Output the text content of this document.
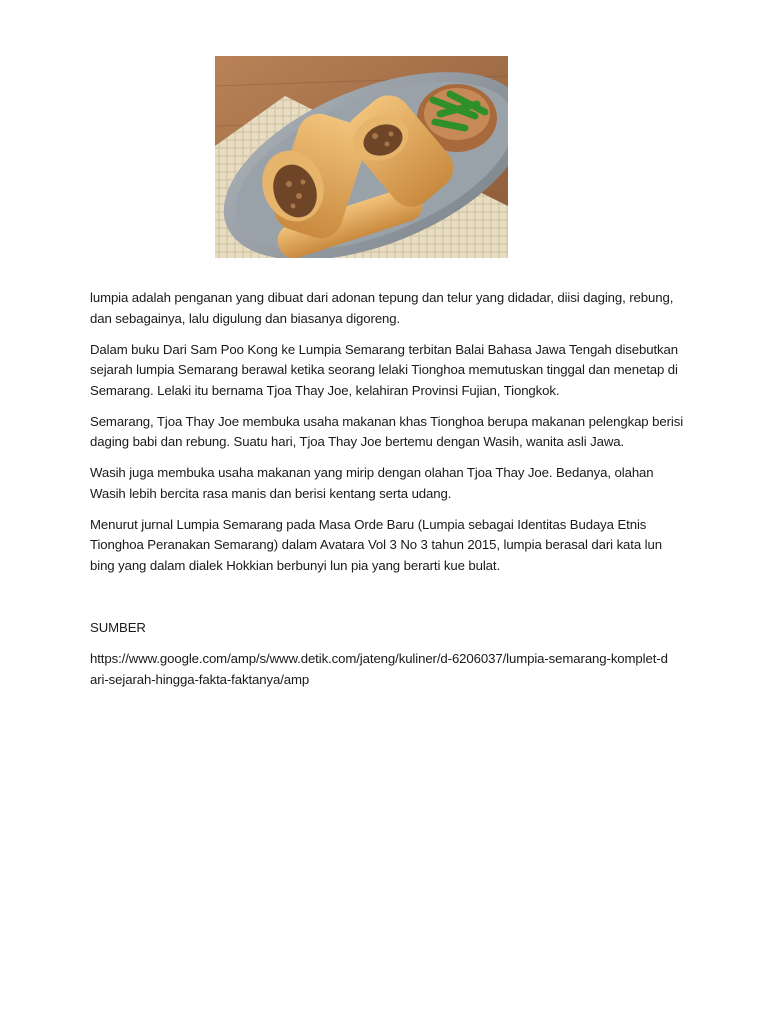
lumpia adalah penganan yang dibuat dari adonan tepung dan telur yang didadar, diisi daging, rebung, dan sebagainya, lalu digulung dan biasanya digoreng.

Dalam buku Dari Sam Poo Kong ke Lumpia Semarang terbitan Balai Bahasa Jawa Tengah disebutkan sejarah lumpia Semarang berawal ketika seorang lelaki Tionghoa memutuskan tinggal dan menetap di Semarang. Lelaki itu bernama Tjoa Thay Joe, kelahiran Provinsi Fujian, Tiongkok.

Semarang, Tjoa Thay Joe membuka usaha makanan khas Tionghoa berupa makanan pelengkap berisi daging babi dan rebung. Suatu hari, Tjoa Thay Joe bertemu dengan Wasih, wanita asli Jawa.

Wasih juga membuka usaha makanan yang mirip dengan olahan Tjoa Thay Joe. Bedanya, olahan Wasih lebih bercita rasa manis dan berisi kentang serta udang.

Menurut jurnal Lumpia Semarang pada Masa Orde Baru (Lumpia sebagai Identitas Budaya Etnis Tionghoa Peranakan Semarang) dalam Avatara Vol 3 No 3 tahun 2015, lumpia berasal dari kata lun bing yang dalam dialek Hokkian berbunyi lun pia yang berarti kue bulat.

SUMBER

https://www.google.com/amp/s/www.detik.com/jateng/kuliner/d-6206037/lumpia-semarang-komplet-dari-sejarah-hingga-fakta-faktanya/amp
